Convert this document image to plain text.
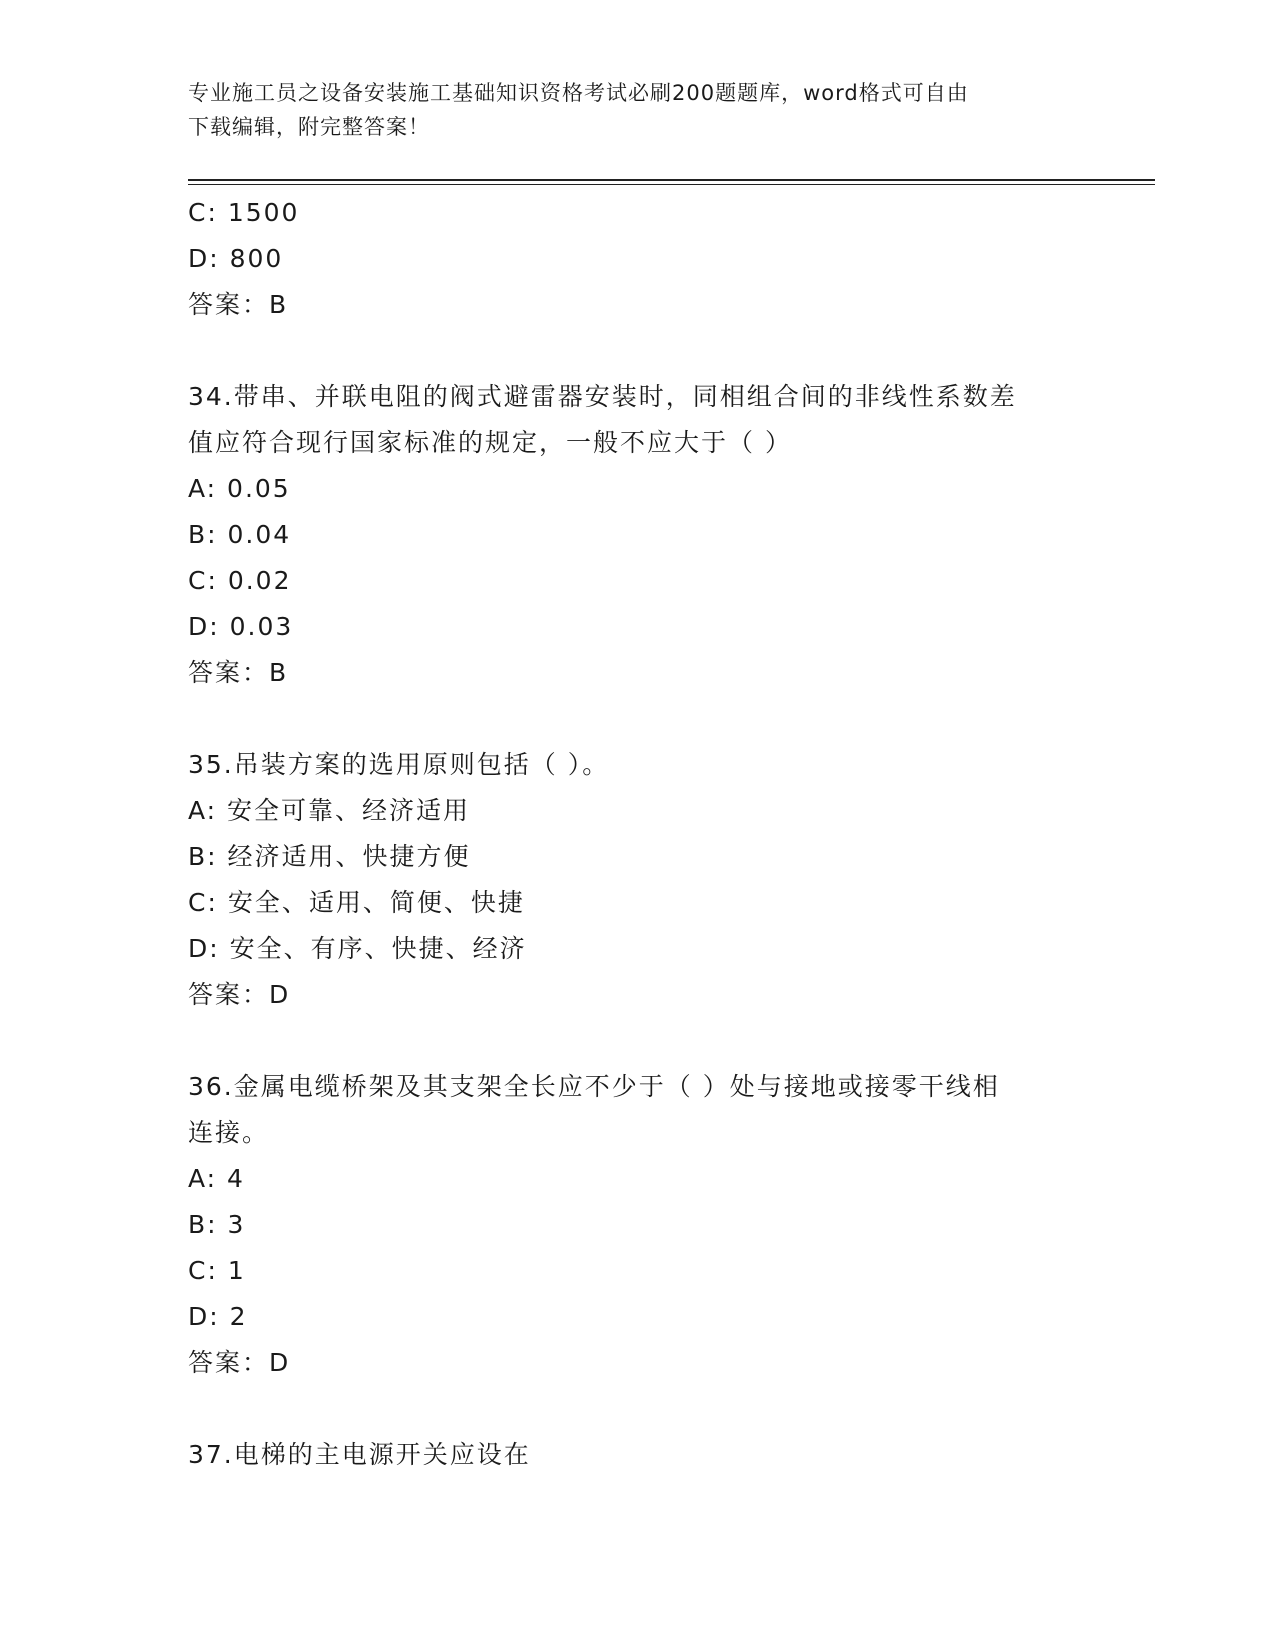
专业施工员之设备安装施工基础知识资格考试必刷200题题库，word格式可自由
下载编辑，附完整答案！
C: 1500
D: 800
答案：B
34.带串、并联电阻的阀式避雷器安装时，同相组合间的非线性系数差
值应符合现行国家标准的规定，一般不应大于（ ）
A: 0.05
B: 0.04
C: 0.02
D: 0.03
答案：B
35.吊装方案的选用原则包括（ ）。
A: 安全可靠、经济适用
B: 经济适用、快捷方便
C: 安全、适用、简便、快捷
D: 安全、有序、快捷、经济
答案：D
36.金属电缆桥架及其支架全长应不少于（ ）处与接地或接零干线相
连接。
A: 4
B: 3
C: 1
D: 2
答案：D
37.电梯的主电源开关应设在
